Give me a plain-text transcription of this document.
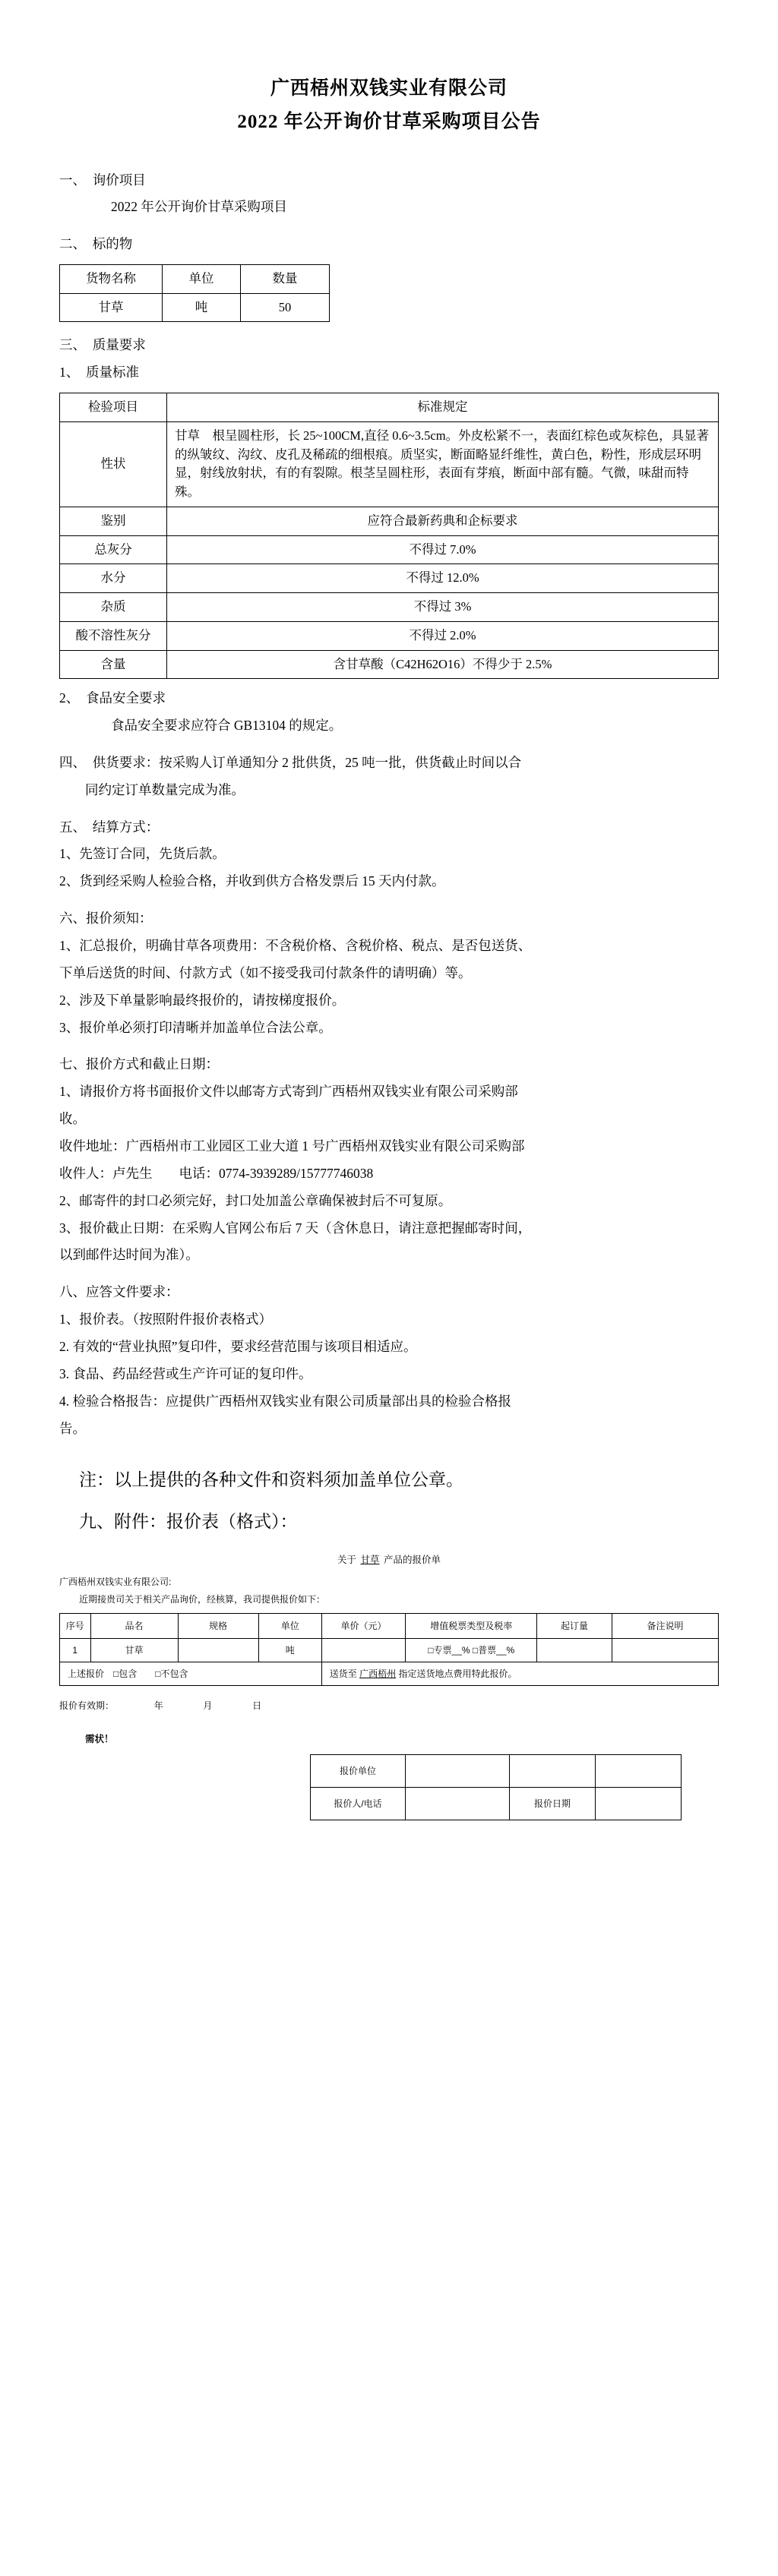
广西梧州双钱实业有限公司
2022 年公开询价甘草采购项目公告
一、　询价项目
2022 年公开询价甘草采购项目
二、　标的物
货物名称	单位	数量
甘草	吨	50
三、　质量要求
1、　质量标准
检验项目	标准规定
性状	甘草　根呈圆柱形，长 25~100CM,直径 0.6~3.5cm。外皮松紧不一，表面红棕色或灰棕色，具显著的纵皱纹、沟纹、皮孔及稀疏的细根痕。质坚实，断面略显纤维性，黄白色，粉性，形成层环明显，射线放射状，有的有裂隙。根茎呈圆柱形，表面有芽痕，断面中部有髓。气微，味甜而特殊。
鉴别	应符合最新药典和企标要求
总灰分	不得过 7.0%
水分	不得过 12.0%
杂质	不得过 3%
酸不溶性灰分	不得过 2.0%
含量	含甘草酸（C42H62O16）不得少于 2.5%
2、　食品安全要求
食品安全要求应符合 GB13104 的规定。
四、　供货要求：按采购人订单通知分 2 批供货，25 吨一批，供货截止时间以合
同约定订单数量完成为准。
五、　结算方式：
1、先签订合同，先货后款。
2、货到经采购人检验合格，并收到供方合格发票后 15 天内付款。
六、报价须知：
1、汇总报价，明确甘草各项费用：不含税价格、含税价格、税点、是否包送货、
下单后送货的时间、付款方式（如不接受我司付款条件的请明确）等。
2、涉及下单量影响最终报价的，请按梯度报价。
3、报价单必须打印清晰并加盖单位合法公章。
七、报价方式和截止日期：
1、请报价方将书面报价文件以邮寄方式寄到广西梧州双钱实业有限公司采购部
收。
收件地址：广西梧州市工业园区工业大道 1 号广西梧州双钱实业有限公司采购部
收件人：卢先生　　电话：0774-3939289/15777746038
2、邮寄件的封口必须完好，封口处加盖公章确保被封后不可复原。
3、报价截止日期：在采购人官网公布后 7 天（含休息日，请注意把握邮寄时间，
以到邮件达时间为准）。
八、应答文件要求：
1、报价表。（按照附件报价表格式）
2. 有效的“营业执照”复印件，要求经营范围与该项目相适应。
3. 食品、药品经营或生产许可证的复印件。
4. 检验合格报告：应提供广西梧州双钱实业有限公司质量部出具的检验合格报
告。
注：以上提供的各种文件和资料须加盖单位公章。
九、附件：报价表（格式）：
关于 甘草 产品的报价单
广西梧州双钱实业有限公司:
近期接贵司关于相关产品询价，经核算，我司提供报价如下：
序号	品名	规格	单位	单价（元）	增值税票类型及税率	起订量	备注说明
1	甘草		吨		□专票__% □普票__%		
上述报价　□包含　　□不包含				送货至 广西梧州 指定送货地点费用特此报价。			
报价有效期：	年	月	日
需状！
报价单位			
报价人/电话		报价日期	
